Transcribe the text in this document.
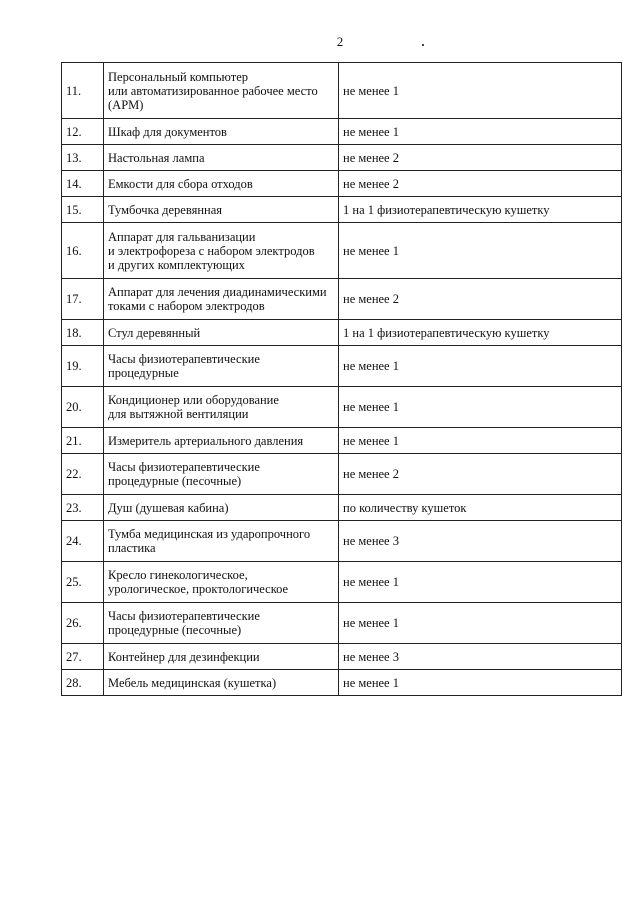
2
11.	Персональный компьютер
или автоматизированное рабочее место
(АРМ)	не менее 1
12.	Шкаф для документов	не менее 1
13.	Настольная лампа	не менее 2
14.	Емкости для сбора отходов	не менее 2
15.	Тумбочка деревянная	1 на 1 физиотерапевтическую кушетку
16.	Аппарат для гальванизации
и электрофореза с набором электродов
и других комплектующих	не менее 1
17.	Аппарат для лечения диадинамическими
токами с набором электродов	не менее 2
18.	Стул деревянный	1 на 1 физиотерапевтическую кушетку
19.	Часы физиотерапевтические
процедурные	не менее 1
20.	Кондиционер или оборудование
для вытяжной вентиляции	не менее 1
21.	Измеритель артериального давления	не менее 1
22.	Часы физиотерапевтические
процедурные (песочные)	не менее 2
23.	Душ (душевая кабина)	по количеству кушеток
24.	Тумба медицинская из ударопрочного
пластика	не менее 3
25.	Кресло гинекологическое,
урологическое, проктологическое	не менее 1
26.	Часы физиотерапевтические
процедурные (песочные)	не менее 1
27.	Контейнер для дезинфекции	не менее 3
28.	Мебель медицинская (кушетка)	не менее 1
